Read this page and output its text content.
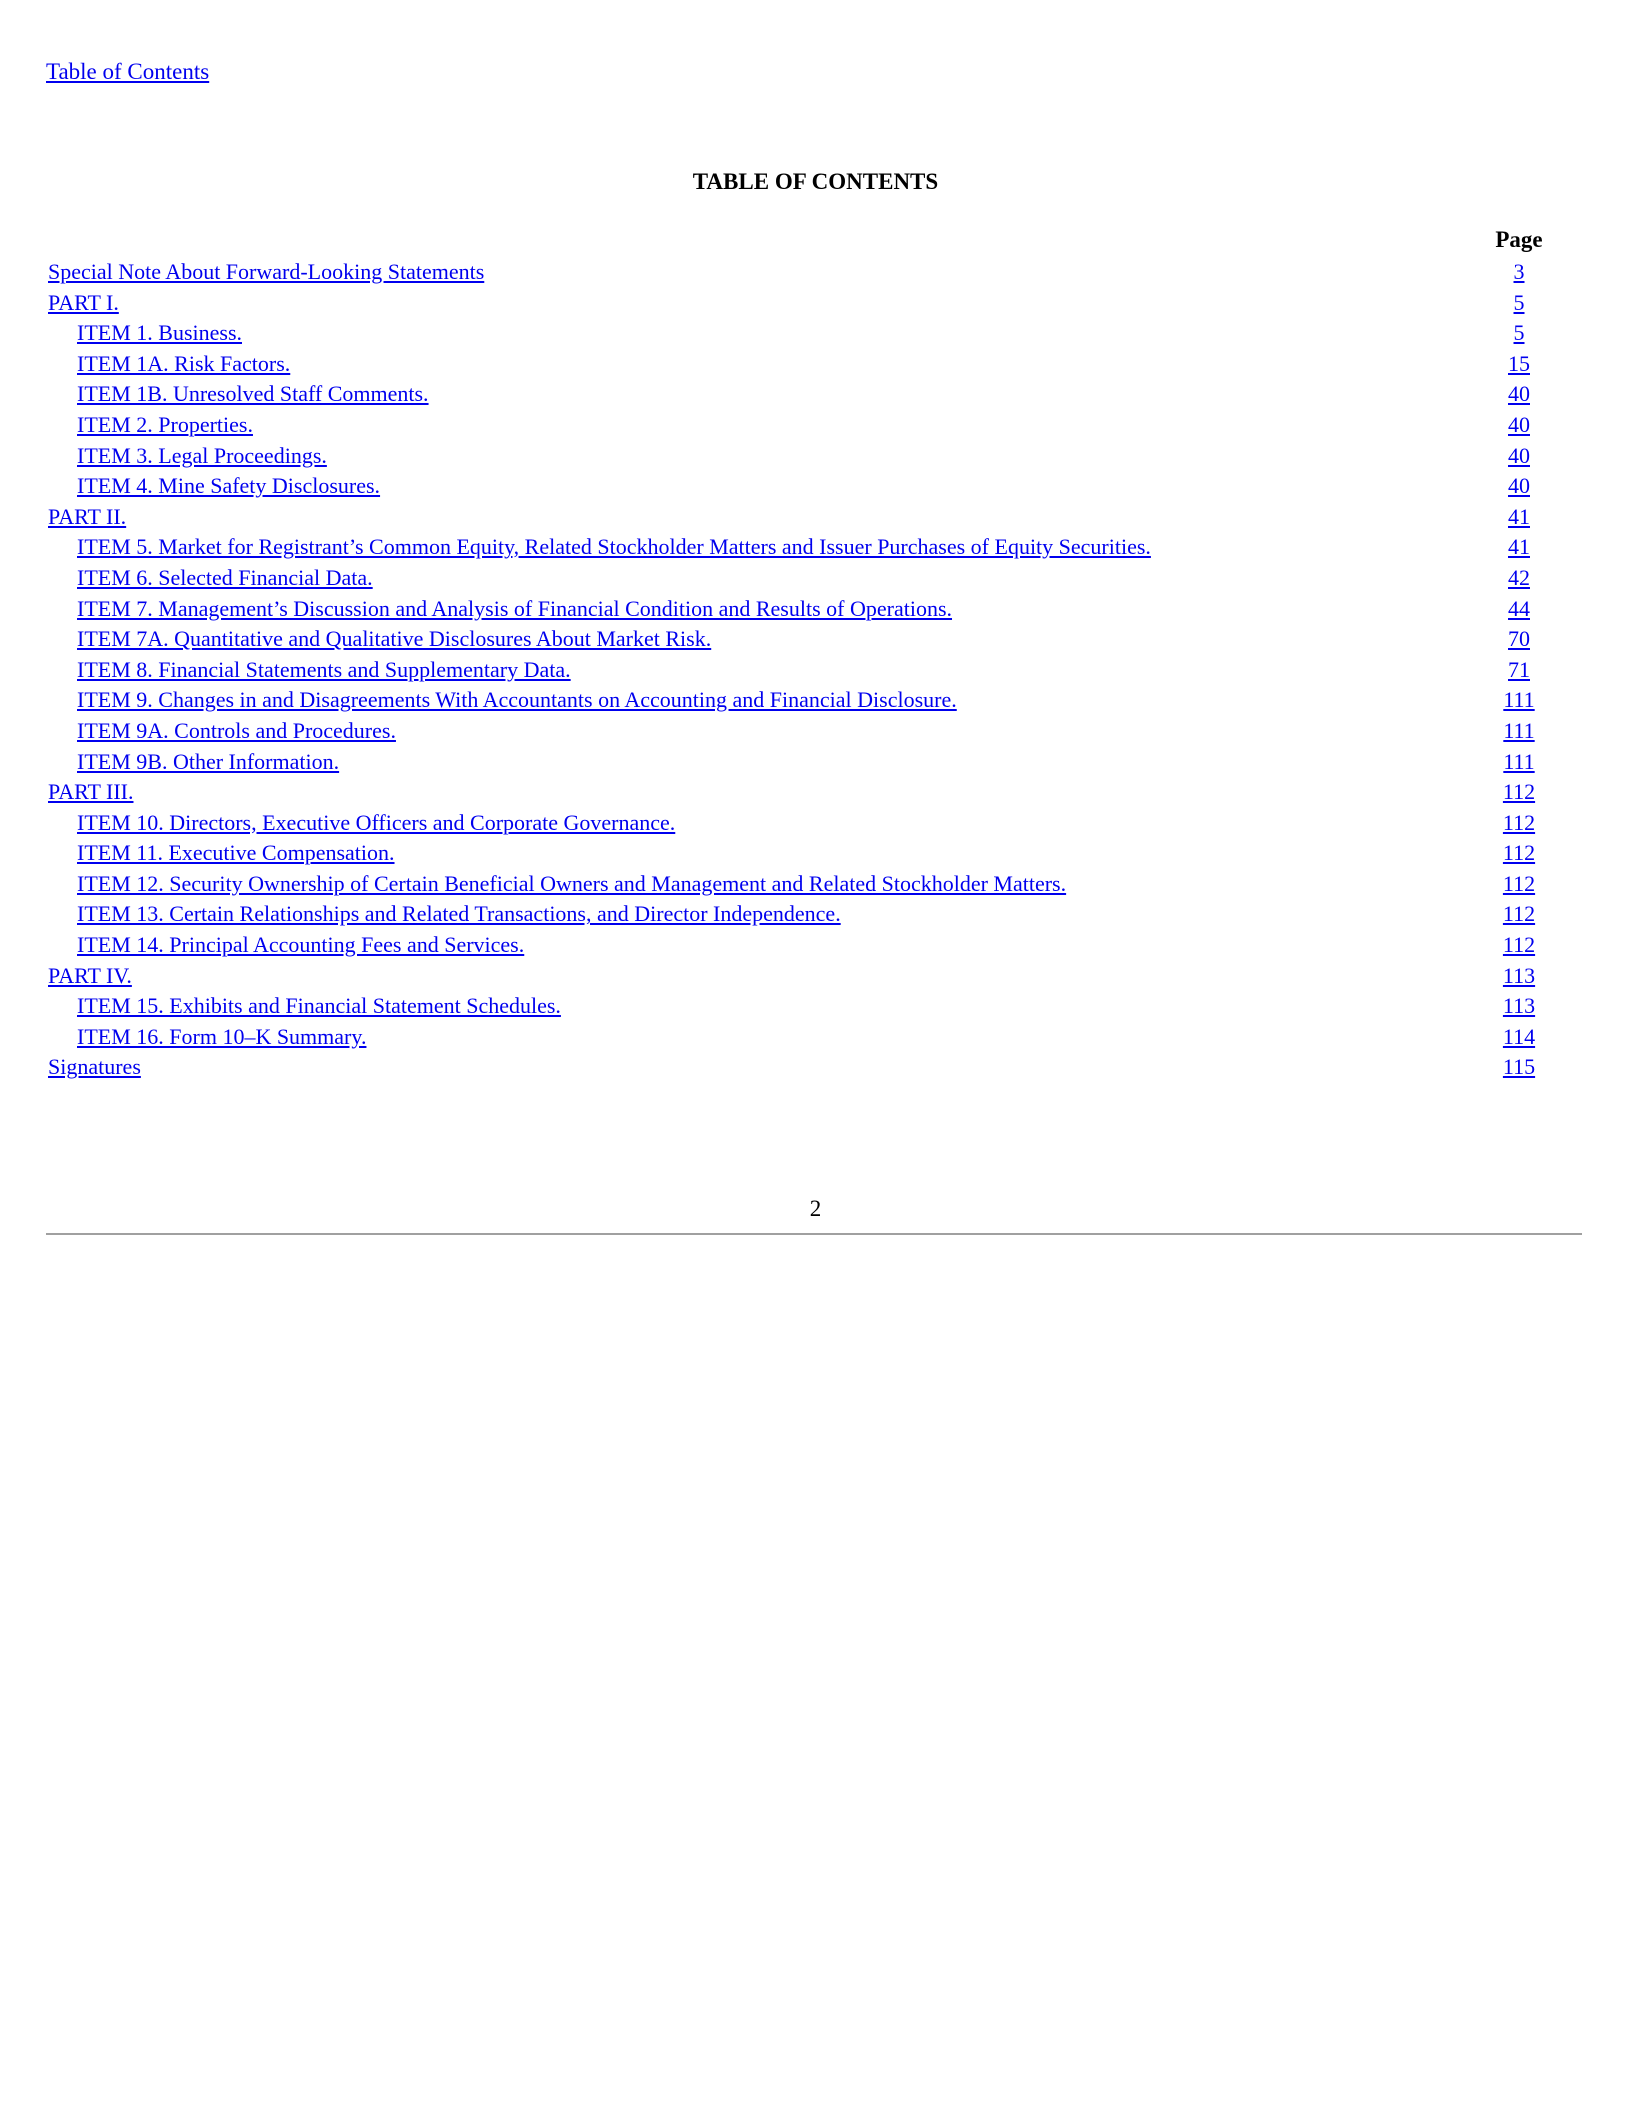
Table of Contents
TABLE OF CONTENTS
Page
Special Note About Forward-Looking Statements	3
PART I.	5
ITEM 1. Business.	5
ITEM 1A. Risk Factors.	15
ITEM 1B. Unresolved Staff Comments.	40
ITEM 2. Properties.	40
ITEM 3. Legal Proceedings.	40
ITEM 4. Mine Safety Disclosures.	40
PART II.	41
ITEM 5. Market for Registrant’s Common Equity, Related Stockholder Matters and Issuer Purchases of Equity Securities.	41
ITEM 6. Selected Financial Data.	42
ITEM 7. Management’s Discussion and Analysis of Financial Condition and Results of Operations.	44
ITEM 7A. Quantitative and Qualitative Disclosures About Market Risk.	70
ITEM 8. Financial Statements and Supplementary Data.	71
ITEM 9. Changes in and Disagreements With Accountants on Accounting and Financial Disclosure.	111
ITEM 9A. Controls and Procedures.	111
ITEM 9B. Other Information.	111
PART III.	112
ITEM 10. Directors, Executive Officers and Corporate Governance.	112
ITEM 11. Executive Compensation.	112
ITEM 12. Security Ownership of Certain Beneficial Owners and Management and Related Stockholder Matters.	112
ITEM 13. Certain Relationships and Related Transactions, and Director Independence.	112
ITEM 14. Principal Accounting Fees and Services.	112
PART IV.	113
ITEM 15. Exhibits and Financial Statement Schedules.	113
ITEM 16. Form 10–K Summary.	114
Signatures	115
2
